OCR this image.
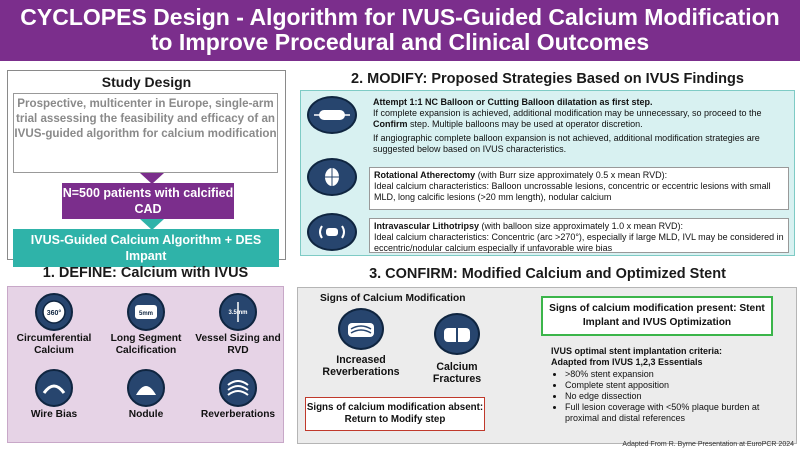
CYCLOPES Design - Algorithm for IVUS-Guided Calcium Modification
to Improve Procedural and Clinical Outcomes
Study Design
Prospective, multicenter in Europe, single-arm trial assessing the feasibility and efficacy of an IVUS-guided algorithm for calcium modification
N=500 patients with calcified CAD
IVUS-Guided Calcium Algorithm + DES Impant
1. DEFINE: Calcium with IVUS
360°
Circumferential Calcium
5mm
Long Segment Calcification
3.5mm
Vessel Sizing and RVD
Wire Bias	Nodule	Reverberations
2. MODIFY: Proposed Strategies Based on IVUS Findings
Attempt 1:1 NC Balloon or Cutting Balloon dilatation as first step.
If complete expansion is achieved, additional modification may be unnecessary, so proceed to the Confirm step. Multiple balloons may be used at operator discretion.
If angiographic complete balloon expansion is not achieved, additional modification strategies are suggested below based on IVUS characteristics.
Rotational Atherectomy (with Burr size approximately 0.5 x mean RVD):
Ideal calcium characteristics: Balloon uncrossable lesions, concentric or eccentric lesions with small MLD, long calcific lesions (>20 mm length), nodular calcium
Intravascular Lithotripsy (with balloon size approximately 1.0 x mean RVD):
Ideal calcium characteristics: Concentric (arc >270°), especially if large MLD, IVL may be considered in eccentric/nodular calcium especially if unfavorable wire bias
3. CONFIRM: Modified Calcium and Optimized Stent
Signs of Calcium Modification
Increased Reverberations	Calcium Fractures
Signs of calcium modification absent: Return to Modify step
Signs of calcium modification present: Stent Implant and IVUS Optimization
IVUS optimal stent implantation criteria:
Adapted from IVUS 1,2,3 Essentials
• >80% stent expansion
• Complete stent apposition
• No edge dissection
• Full lesion coverage with <50% plaque burden at proximal and distal references
Adapted From R. Byrne Presentation at EuroPCR 2024
